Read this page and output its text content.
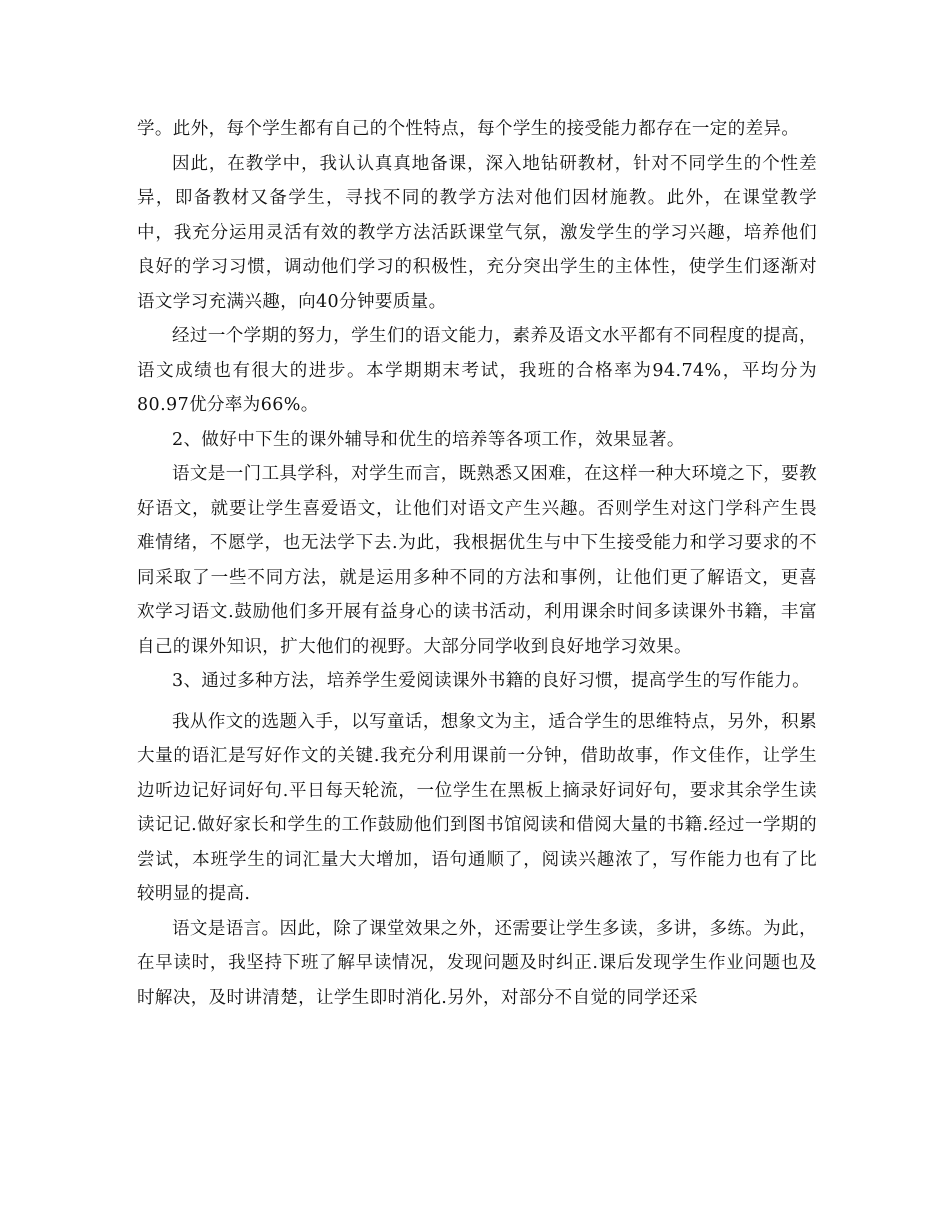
学。此外，每个学生都有自己的个性特点，每个学生的接受能力都存在一定的差异。

因此，在教学中，我认认真真地备课，深入地钻研教材，针对不同学生的个性差异，即备教材又备学生，寻找不同的教学方法对他们因材施教。此外，在课堂教学中，我充分运用灵活有效的教学方法活跃课堂气氛，激发学生的学习兴趣，培养他们良好的学习习惯，调动他们学习的积极性，充分突出学生的主体性，使学生们逐渐对语文学习充满兴趣，向40分钟要质量。

经过一个学期的努力，学生们的语文能力，素养及语文水平都有不同程度的提高，语文成绩也有很大的进步。本学期期末考试，我班的合格率为94.74%，平均分为80.97优分率为66%。

2、做好中下生的课外辅导和优生的培养等各项工作，效果显著。

语文是一门工具学科，对学生而言，既熟悉又困难，在这样一种大环境之下，要教好语文，就要让学生喜爱语文，让他们对语文产生兴趣。否则学生对这门学科产生畏难情绪，不愿学，也无法学下去.为此，我根据优生与中下生接受能力和学习要求的不同采取了一些不同方法，就是运用多种不同的方法和事例，让他们更了解语文，更喜欢学习语文.鼓励他们多开展有益身心的读书活动，利用课余时间多读课外书籍，丰富自己的课外知识，扩大他们的视野。大部分同学收到良好地学习效果。

3、通过多种方法，培养学生爱阅读课外书籍的良好习惯，提高学生的写作能力。

我从作文的选题入手，以写童话，想象文为主，适合学生的思维特点，另外，积累大量的语汇是写好作文的关键.我充分利用课前一分钟，借助故事，作文佳作，让学生边听边记好词好句.平日每天轮流，一位学生在黑板上摘录好词好句，要求其余学生读读记记.做好家长和学生的工作鼓励他们到图书馆阅读和借阅大量的书籍.经过一学期的尝试，本班学生的词汇量大大增加，语句通顺了，阅读兴趣浓了，写作能力也有了比较明显的提高.

语文是语言。因此，除了课堂效果之外，还需要让学生多读，多讲，多练。为此，在早读时，我坚持下班了解早读情况，发现问题及时纠正.课后发现学生作业问题也及时解决，及时讲清楚，让学生即时消化.另外，对部分不自觉的同学还采
